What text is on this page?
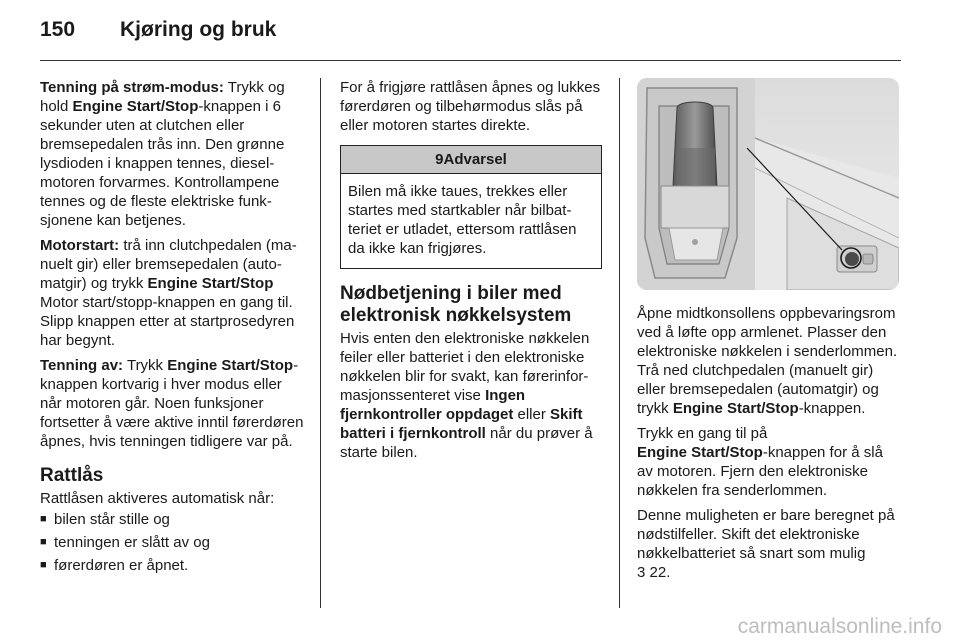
150	Kjøring og bruk

Tenning på strøm-modus: Trykk og hold Engine Start/Stop-knappen i 6 sekunder uten at clutchen eller bremsepedalen trås inn. Den grønne lysdioden i knappen tennes, dieselmotoren forvarmes. Kontrollampene tennes og de fleste elektriske funksjonene kan betjenes.

Motorstart: trå inn clutchpedalen (manuelt gir) eller bremsepedalen (automatgir) og trykk Engine Start/Stop Motor start/stopp-knappen en gang til. Slipp knappen etter at startprosedyren har begynt.

Tenning av: Trykk Engine Start/Stop-knappen kortvarig i hver modus eller når motoren går. Noen funksjoner fortsetter å være aktive inntil førerdøren åpnes, hvis tenningen tidligere var på.

Rattlås
Rattlåsen aktiveres automatisk når:
■ bilen står stille og
■ tenningen er slått av og
■ førerdøren er åpnet.

For å frigjøre rattlåsen åpnes og lukkes førerdøren og tilbehørmodus slås på eller motoren startes direkte.

9Advarsel
Bilen må ikke taues, trekkes eller startes med startkabler når bilbatteriet er utladet, ettersom rattlåsen da ikke kan frigjøres.
Nødbetjening i biler med elektronisk nøkkelsystem

Hvis enten den elektroniske nøkkelen feiler eller batteriet i den elektroniske nøkkelen blir for svakt, kan førerinformasjonssenteret vise Ingen fjernkontroller oppdaget eller Skift batteri i fjernkontroll når du prøver å starte bilen.

Åpne midtkonsollens oppbevaringsrom ved å løfte opp armlenet. Plasser den elektroniske nøkkelen i senderlommen. Trå ned clutchpedalen (manuelt gir) eller bremsepedalen (automatgir) og trykk Engine Start/Stop-knappen.

Trykk en gang til på
Engine Start/Stop-knappen for å slå av motoren. Fjern den elektroniske nøkkelen fra senderlommen.

Denne muligheten er bare beregnet på nødstilfeller. Skift det elektroniske nøkkelbatteriet så snart som mulig
3 22.

carmanualsonline.info
